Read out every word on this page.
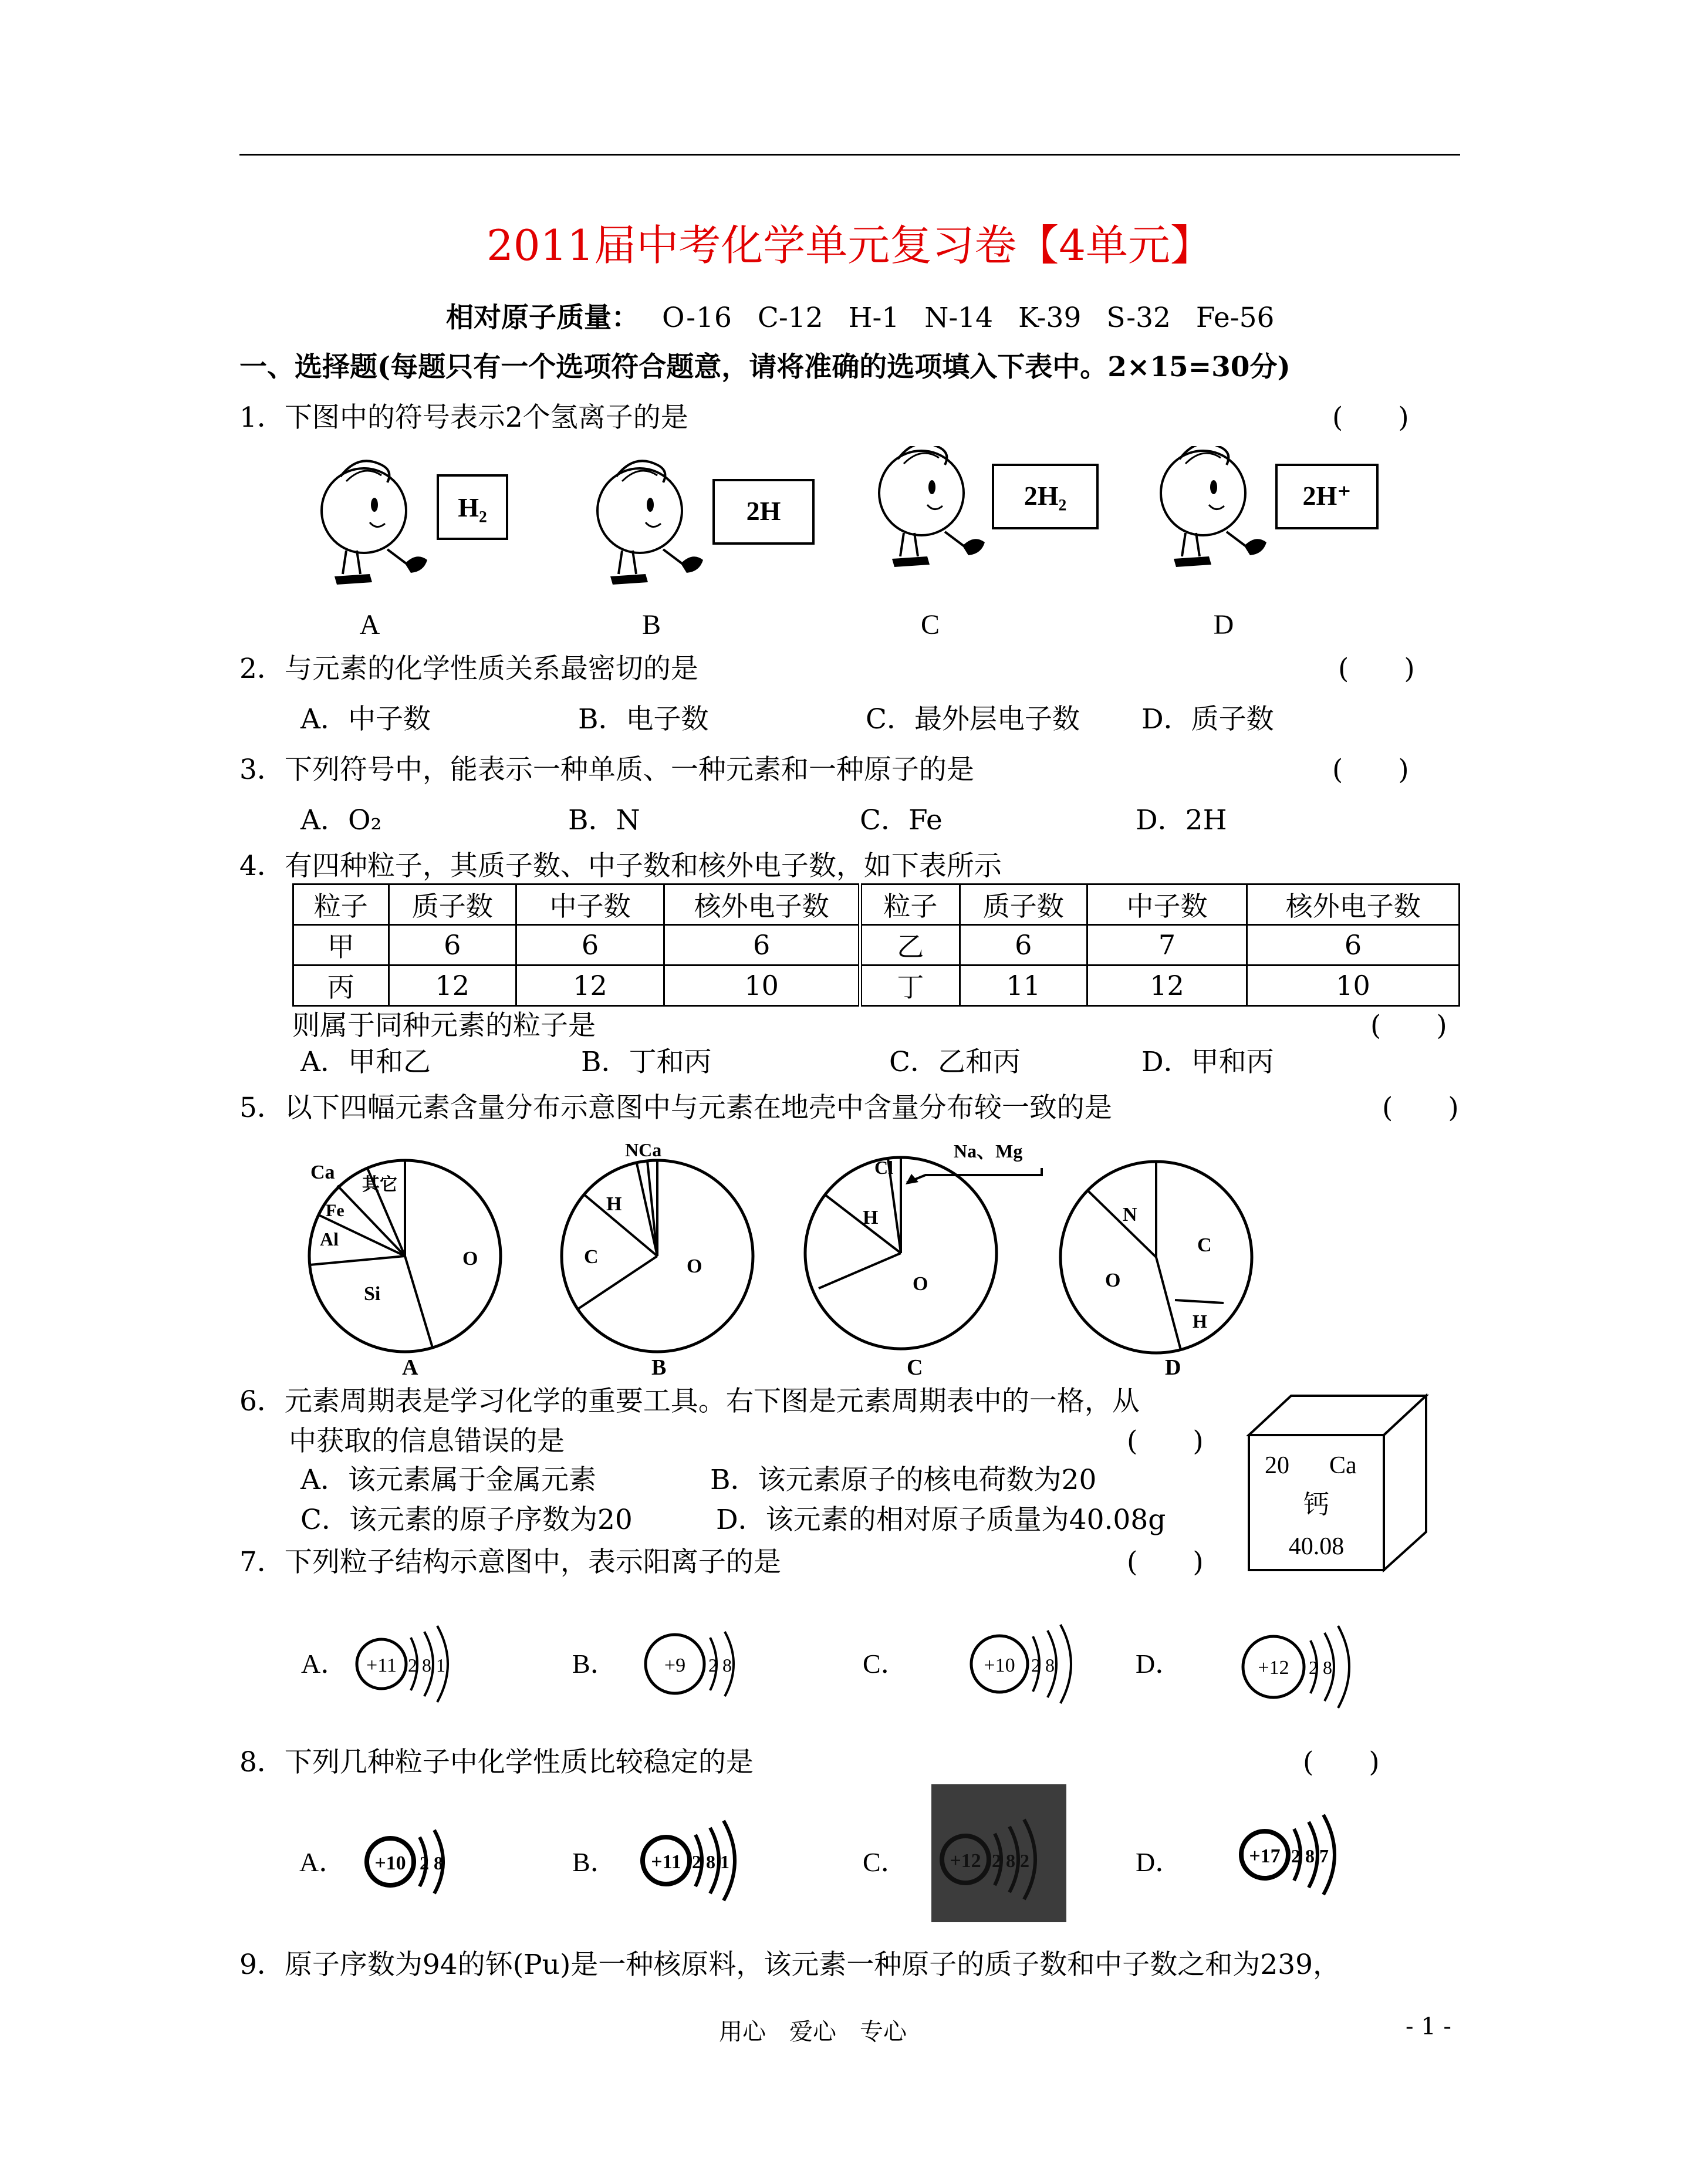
2011届中考化学单元复习卷【4单元】
相对原子质量： O-16 C-12 H-1 N-14 K-39 S-32 Fe-56
一、选择题(每题只有一个选项符合题意，请将准确的选项填入下表中。2×15=30分)
1．下图中的符号表示2个氢离子的是	(　　)
H₂
A
2H
B
2H₂
C
2H⁺
D
2．与元素的化学性质关系最密切的是	(　　)
A．中子数	B．电子数	C．最外层电子数 D．质子数
3．下列符号中，能表示一种单质、一种元素和一种原子的是	(　　)
A．O₂	B．N	C．Fe	D．2H
4．有四种粒子，其质子数、中子数和核外电子数，如下表所示
粒子	质子数	中子数	核外电子数	粒子	质子数	中子数	核外电子数
甲	6	6	6	乙	6	7	6
丙	12	12	10	丁	11	12	10
则属于同种元素的粒子是	(　　)
A．甲和乙	B．丁和丙	C．乙和丙	D．甲和丙
5．以下四幅元素含量分布示意图中与元素在地壳中含量分布较一致的是	(　　)
Ca
其它
Fe
Al
Si
O
A
NCa
H
C	O
B
Cl
Na、Mg
H
O
C
N
C
O
H
D
6．元素周期表是学习化学的重要工具。右下图是元素周期表中的一格，从
中获取的信息错误的是	(　　)
A．该元素属于金属元素	B．该元素原子的核电荷数为20
C．该元素的原子序数为20	D．该元素的相对原子质量为40.08g
20 Ca
钙
40.08
7．下列粒子结构示意图中，表示阳离子的是	(　　)
A． +11 2 8 1	B． +9 2 8	C．	+10 2 8	D．	+12 2 8
8．下列几种粒子中化学性质比较稳定的是	(　　)
A． +10 2 8	B． +11 2 8 1	C． +12 2 8 2	D．	+17 2 8 7
9．原子序数为94的钚(Pu)是一种核原料，该元素一种原子的质子数和中子数之和为239，
用心　爱心　专心	- 1 -
